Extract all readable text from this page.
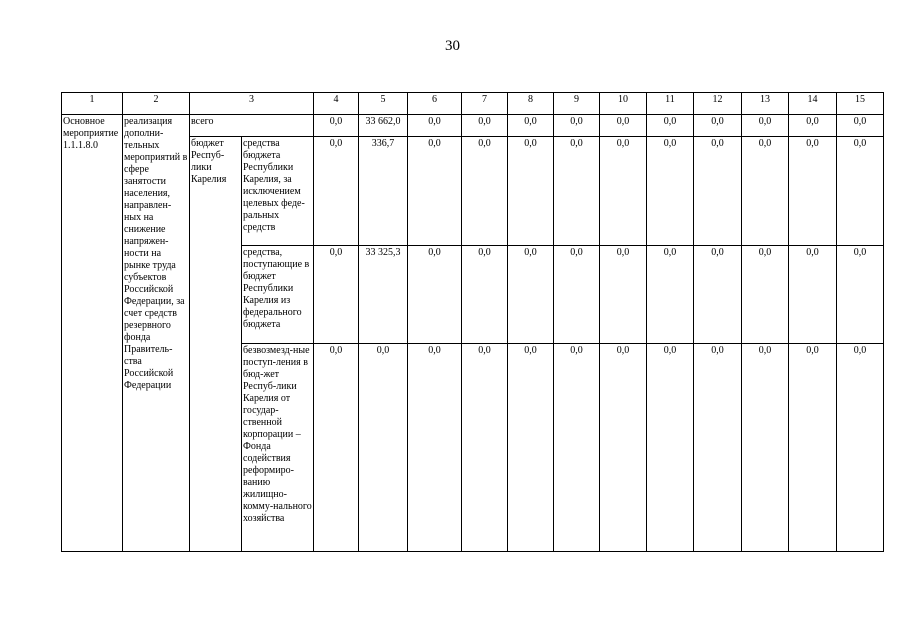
30
1	2	3		4	5	6	7	8	9	10	11	12	13	14	15
Основное мероприятие 1.1.1.8.0	реализация дополни-тельных мероприятий в сфере занятости населения, направлен-ных на снижение напряжен-ности на рынке труда субъектов Российской Федерации, за счет средств резервного фонда Правитель-ства Российской Федерации	всего		0,0	33 662,0	0,0	0,0	0,0	0,0	0,0	0,0	0,0	0,0	0,0	0,0
		бюджет Респуб-лики Карелия	средства бюджета Республики Карелия, за исключением целевых феде-ральных средств	0,0	336,7	0,0	0,0	0,0	0,0	0,0	0,0	0,0	0,0	0,0	0,0
			средства, поступающие в бюджет Республики Карелия из федерального бюджета	0,0	33 325,3	0,0	0,0	0,0	0,0	0,0	0,0	0,0	0,0	0,0	0,0
			безвозмезд-ные поступ-ления в бюд-жет Респуб-лики Карелия от государ-ственной корпорации – Фонда содействия реформиро-ванию жилищно-комму-нального хозяйства	0,0	0,0	0,0	0,0	0,0	0,0	0,0	0,0	0,0	0,0	0,0	0,0
